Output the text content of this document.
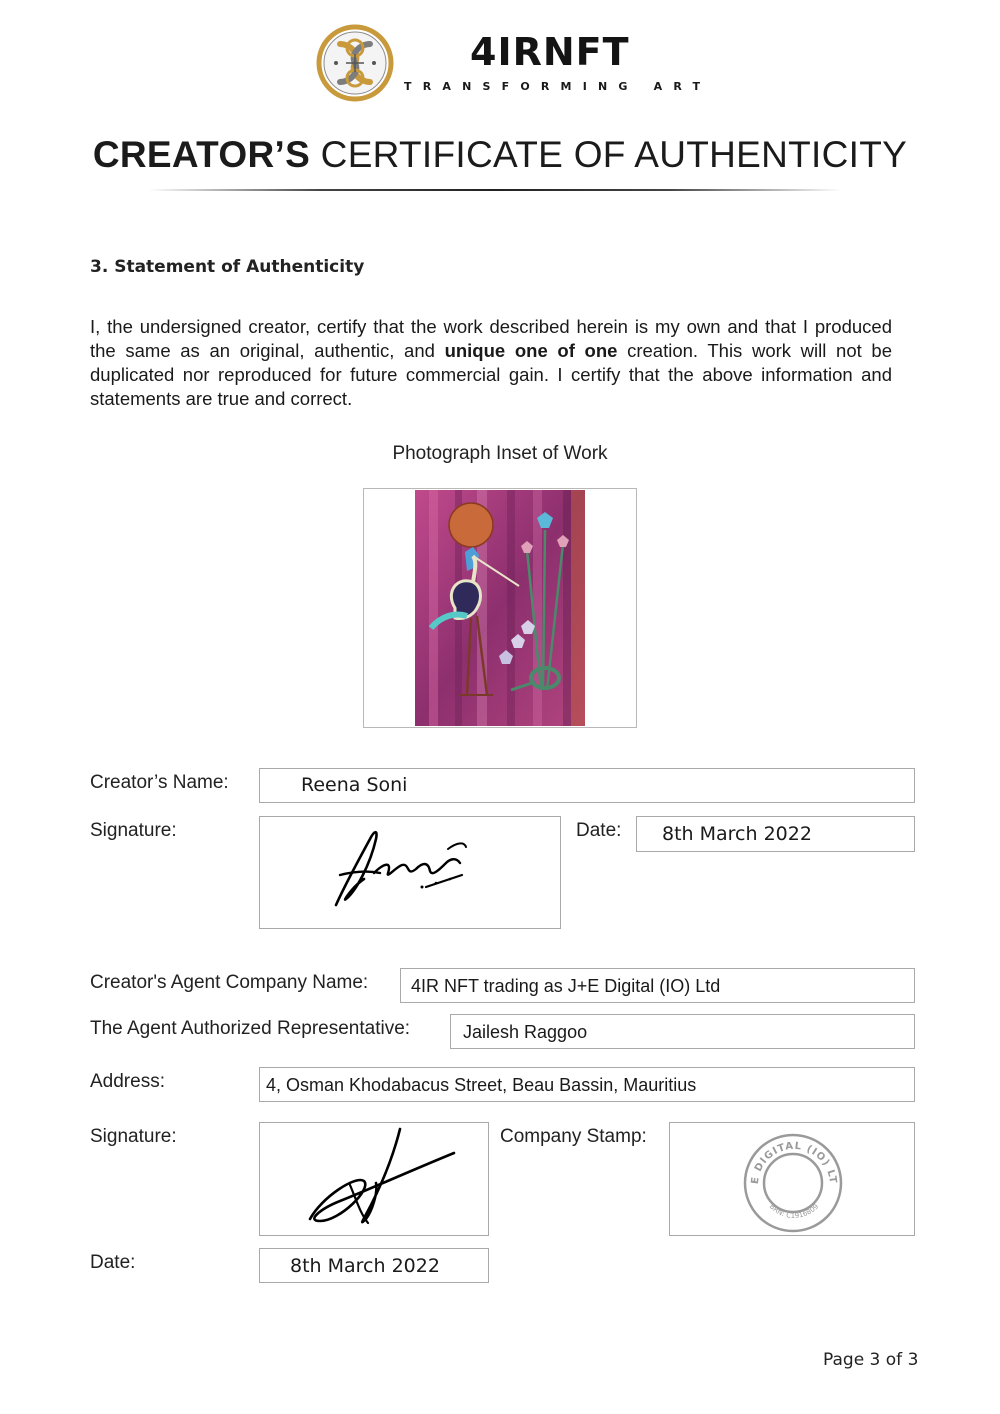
4IRNFT
TRANSFORMING ART
CREATOR’S CERTIFICATE OF AUTHENTICITY
3. Statement of Authenticity
I, the undersigned creator, certify that the work described herein is my own and that I produced the same as an original, authentic, and unique one of one creation. This work will not be duplicated nor reproduced for future commercial gain. I certify that the above information and statements are true and correct.
Photograph Inset of Work
Creator’s Name:	Reena Soni
Signature:	Date: 8th March 2022
Creator's Agent Company Name: 4IR NFT trading as J+E Digital (IO) Ltd
The Agent Authorized Representative:	Jailesh Raggoo
Address:	4, Osman Khodabacus Street, Beau Bassin, Mauritius
Signature:	Company Stamp:
E DIGITAL (IO) LT
BRN: C1916809
Date:	8th March 2022
Page 3 of 3
